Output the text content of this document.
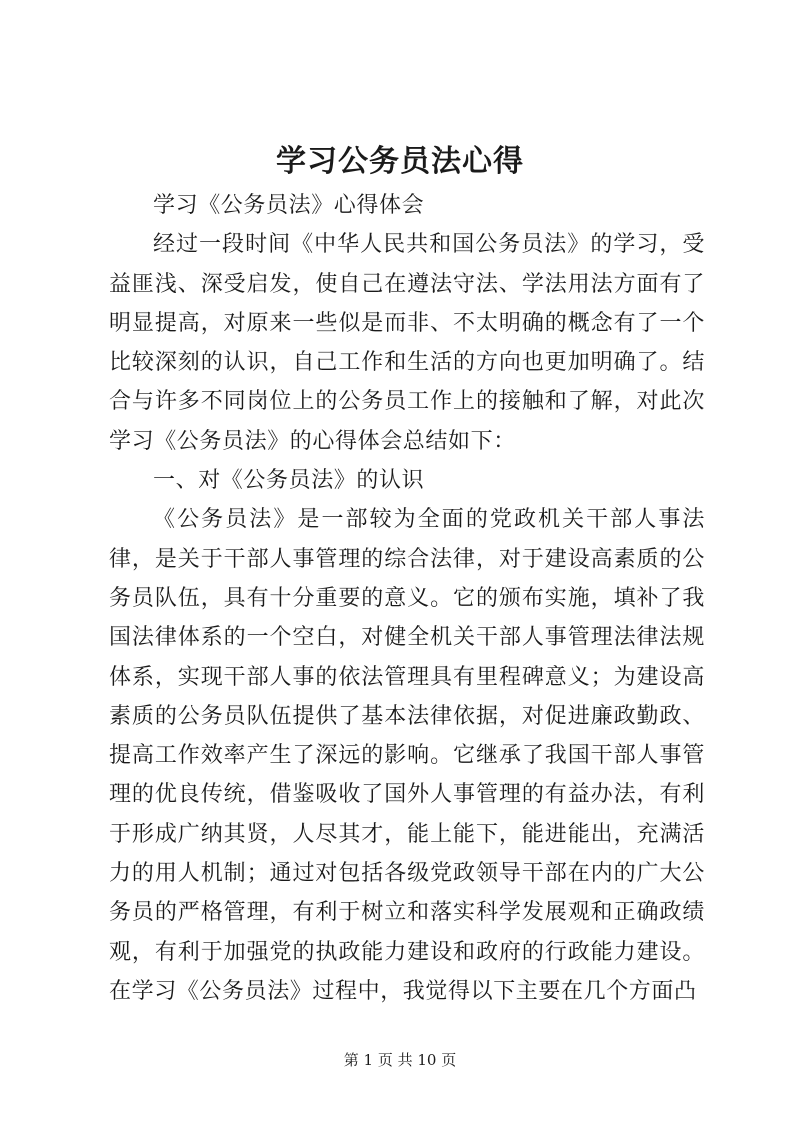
学习公务员法心得

学习《公务员法》心得体会

经过一段时间《中华人民共和国公务员法》的学习，受益匪浅、深受启发，使自己在遵法守法、学法用法方面有了明显提高，对原来一些似是而非、不太明确的概念有了一个比较深刻的认识，自己工作和生活的方向也更加明确了。结合与许多不同岗位上的公务员工作上的接触和了解，对此次学习《公务员法》的心得体会总结如下：

一、对《公务员法》的认识

《公务员法》是一部较为全面的党政机关干部人事法律，是关于干部人事管理的综合法律，对于建设高素质的公务员队伍，具有十分重要的意义。它的颁布实施，填补了我国法律体系的一个空白，对健全机关干部人事管理法律法规体系，实现干部人事的依法管理具有里程碑意义；为建设高素质的公务员队伍提供了基本法律依据，对促进廉政勤政、提高工作效率产生了深远的影响。它继承了我国干部人事管理的优良传统，借鉴吸收了国外人事管理的有益办法，有利于形成广纳其贤，人尽其才，能上能下，能进能出，充满活力的用人机制；通过对包括各级党政领导干部在内的广大公务员的严格管理，有利于树立和落实科学发展观和正确政绩观，有利于加强党的执政能力建设和政府的行政能力建设。在学习《公务员法》过程中，我觉得以下主要在几个方面凸

第 1 页 共 10 页
